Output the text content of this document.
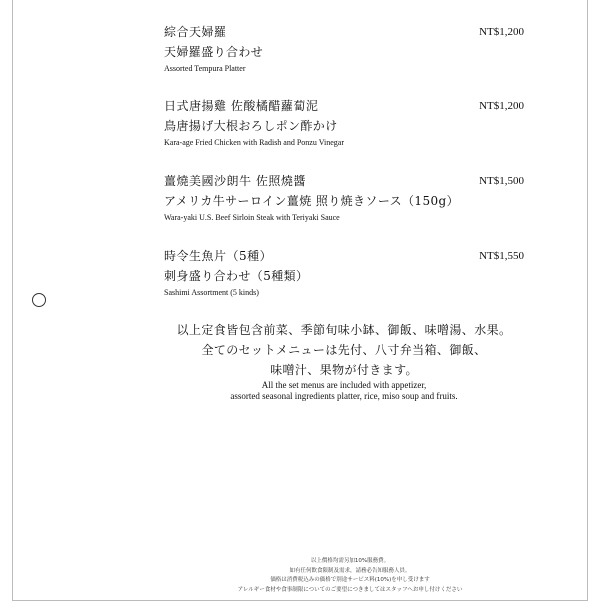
綜合天婦羅
天婦羅盛り合わせ
Assorted Tempura Platter
NT$1,200
日式唐揚雞 佐酸橘醋蘿蔔泥
鳥唐揚げ大根おろしポン酢かけ
Kara-age Fried Chicken with Radish and Ponzu Vinegar
NT$1,200
薑燒美國沙朗牛 佐照燒醬
アメリカ牛サーロイン薑焼 照り焼きソース（150g）
Wara-yaki U.S. Beef Sirloin Steak with Teriyaki Sauce
NT$1,500
時令生魚片（5種）
刺身盛り合わせ（5種類）
Sashimi Assortment (5 kinds)
NT$1,550
以上定食皆包含前菜、季節旬味小缽、御飯、味噌湯、水果。
全てのセットメニューは先付、八寸弁当箱、御飯、
味噌汁、果物が付きます。
All the set menus are included with appetizer,
assorted seasonal ingredients platter, rice, miso soup and fruits.
以上價格均需另加10%服務費。
如有任何飲食限制及需求，請務必告知服務人員。
価格は消費税込みの価格で別途サービス料(10%)を申し受けます
アレルギー食材や食事制限についてのご要望につきましてはスタッフへお申し付けください
